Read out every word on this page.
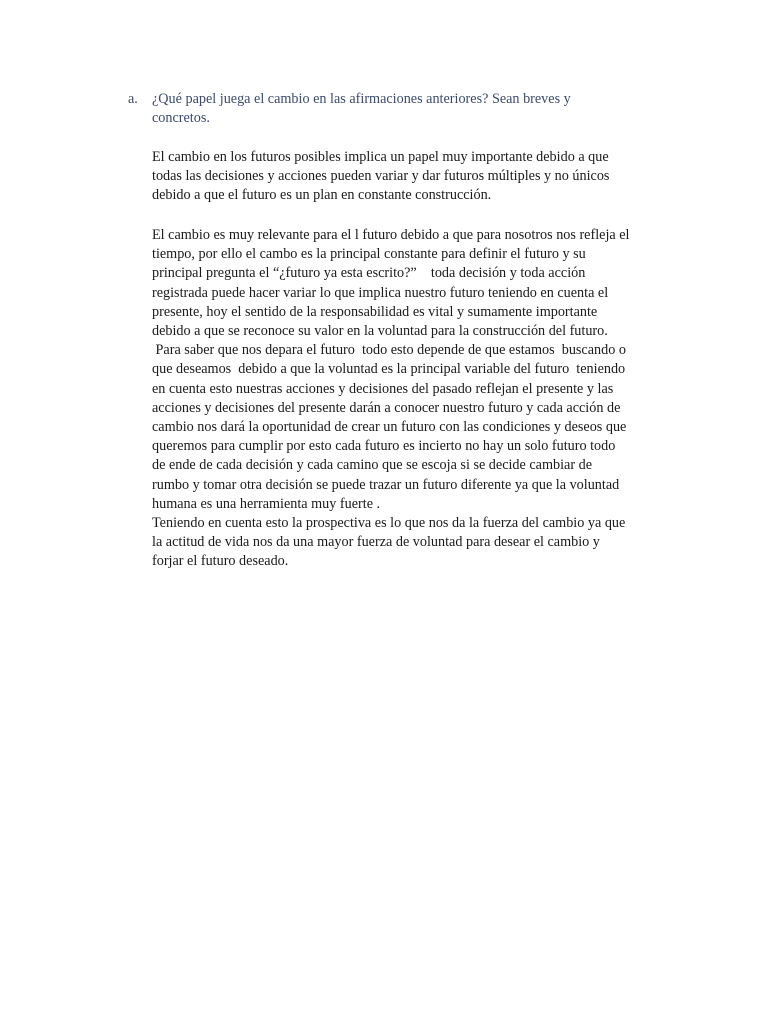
a. ¿Qué papel juega el cambio en las afirmaciones anteriores? Sean breves y
concretos.
El cambio en los futuros posibles implica un papel muy importante debido a que
todas las decisiones y acciones pueden variar y dar futuros múltiples y no únicos
debido a que el futuro es un plan en constante construcción.
El cambio es muy relevante para el l futuro debido a que para nosotros nos refleja el
tiempo, por ello el cambo es la principal constante para definir el futuro y su
principal pregunta el “¿futuro ya esta escrito?”    toda decisión y toda acción
registrada puede hacer variar lo que implica nuestro futuro teniendo en cuenta el
presente, hoy el sentido de la responsabilidad es vital y sumamente importante
debido a que se reconoce su valor en la voluntad para la construcción del futuro.
Para saber que nos depara el futuro  todo esto depende de que estamos  buscando o
que deseamos  debido a que la voluntad es la principal variable del futuro  teniendo
en cuenta esto nuestras acciones y decisiones del pasado reflejan el presente y las
acciones y decisiones del presente darán a conocer nuestro futuro y cada acción de
cambio nos dará la oportunidad de crear un futuro con las condiciones y deseos que
queremos para cumplir por esto cada futuro es incierto no hay un solo futuro todo
de ende de cada decisión y cada camino que se escoja si se decide cambiar de
rumbo y tomar otra decisión se puede trazar un futuro diferente ya que la voluntad
humana es una herramienta muy fuerte .
Teniendo en cuenta esto la prospectiva es lo que nos da la fuerza del cambio ya que
la actitud de vida nos da una mayor fuerza de voluntad para desear el cambio y
forjar el futuro deseado.
